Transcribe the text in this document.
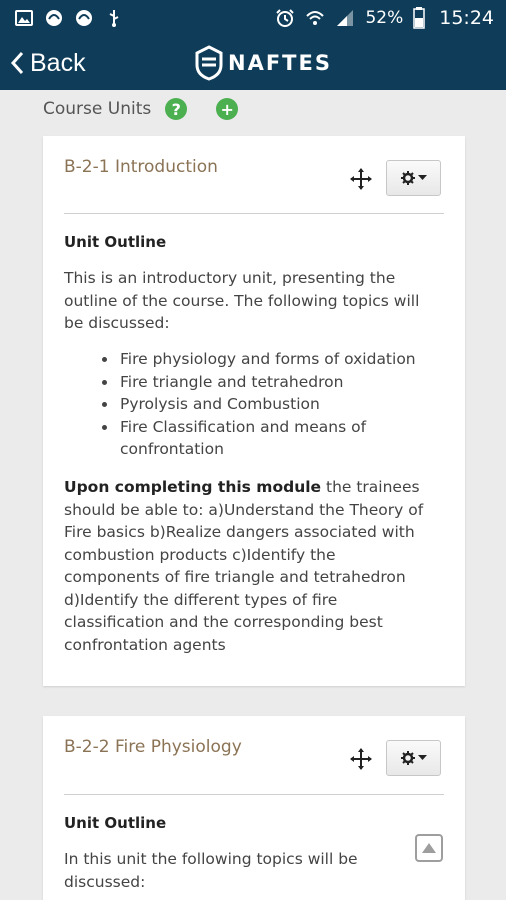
52% 15:24
Back	NAFTES
Course Units	?	+
B-2-1 Introduction
Unit Outline
This is an introductory unit, presenting the outline of the course. The following topics will be discussed:
Fire physiology and forms of oxidation
Fire triangle and tetrahedron
Pyrolysis and Combustion
Fire Classification and means of confrontation
Upon completing this module the trainees should be able to: a)Understand the Theory of Fire basics b)Realize dangers associated with combustion products c)Identify the components of fire triangle and tetrahedron d)Identify the different types of fire classification and the corresponding best confrontation agents
B-2-2 Fire Physiology
Unit Outline
In this unit the following topics will be discussed:
